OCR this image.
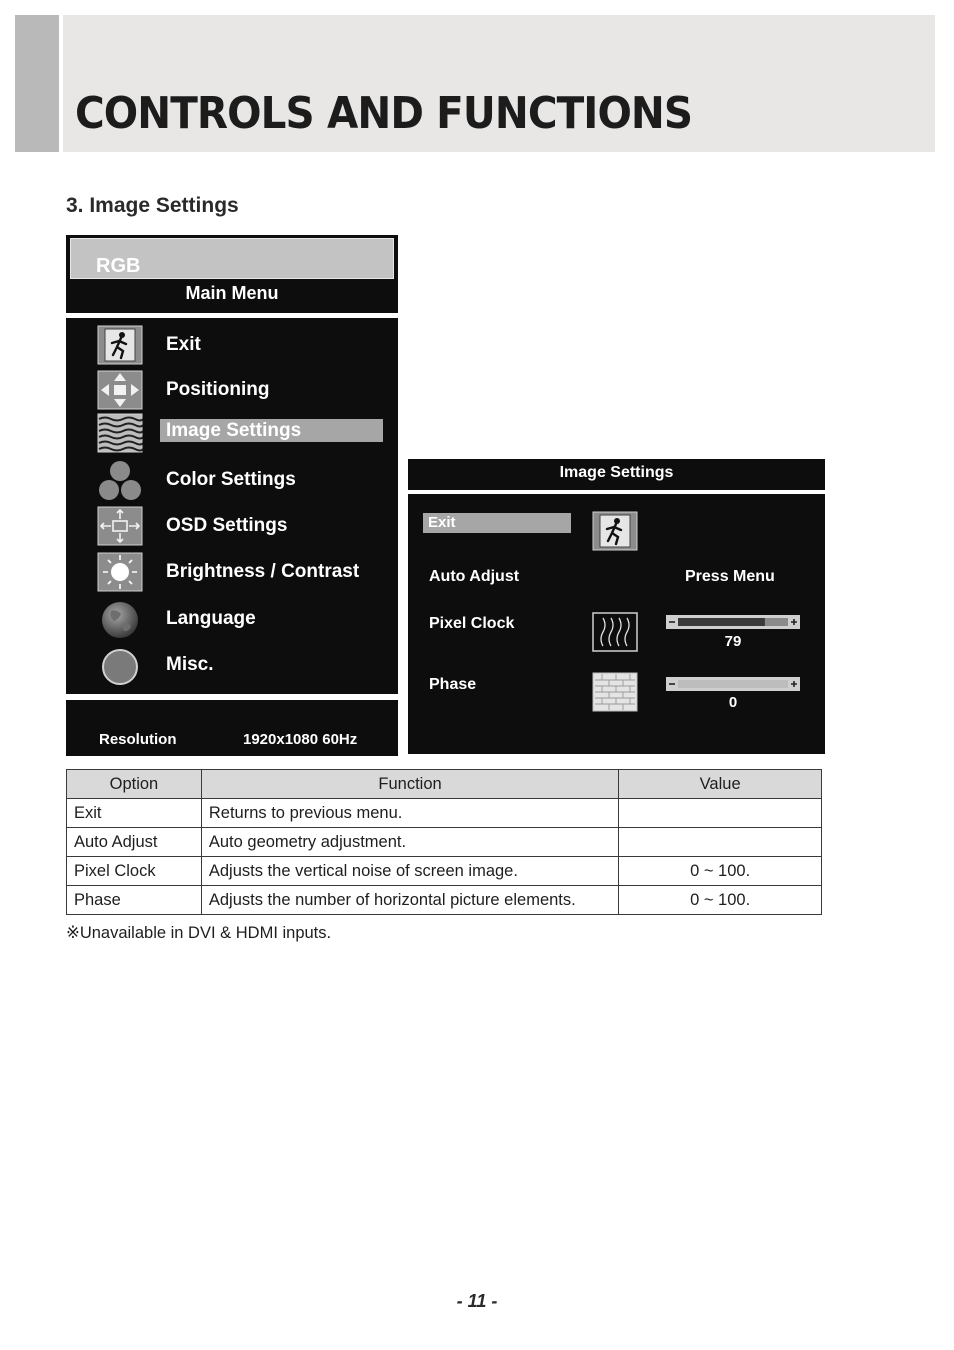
CONTROLS AND FUNCTIONS
3. Image Settings
RGB
Main Menu
Exit
Positioning
Image Settings
Color Settings
OSD Settings
Brightness / Contrast
Language
Misc.
Resolution	1920x1080 60Hz
Image Settings
Exit
Auto Adjust	Press Menu
Pixel Clock
79
Phase
0
Option	Function	Value
Exit	Returns to previous menu.	
Auto Adjust	Auto geometry adjustment.	
Pixel Clock	Adjusts the vertical noise of screen image.	0 ~ 100.
Phase	Adjusts the number of horizontal picture elements.	0 ~ 100.
※Unavailable in DVI & HDMI inputs.
- 11 -
